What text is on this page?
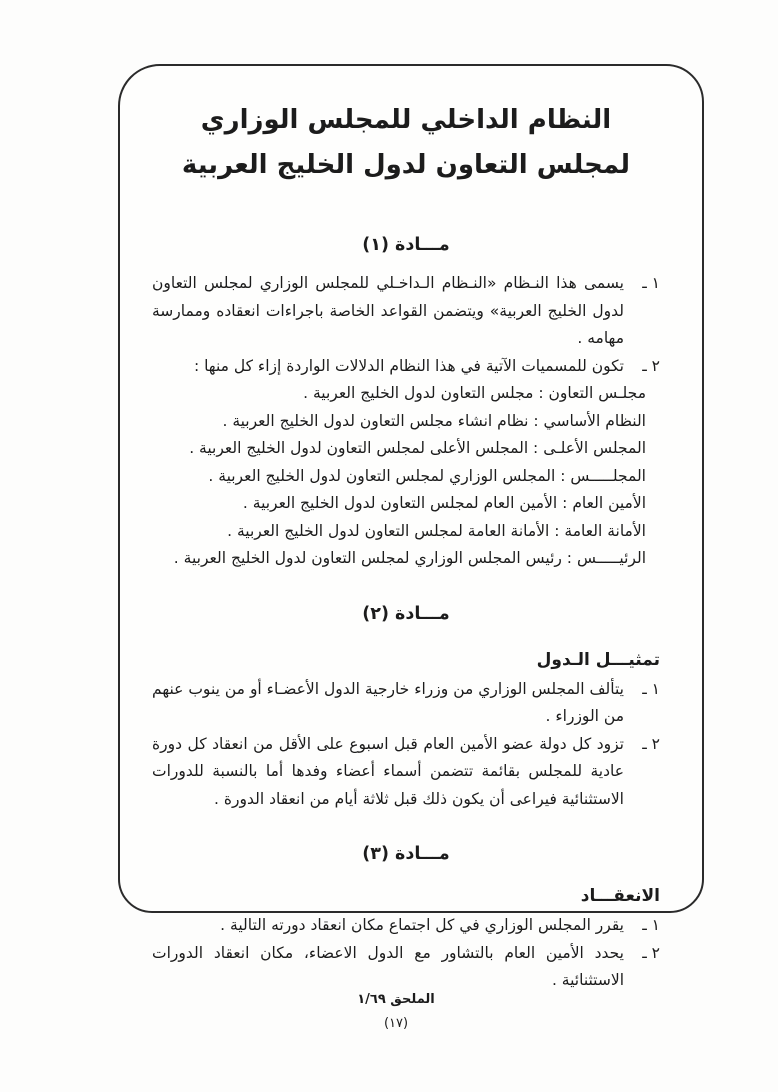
النظام الداخلي للمجلس الوزاري
لمجلس التعاون لدول الخليج العربية
مـــادة (١)
١ ـ

يسمى هذا النـظام «النـظام الـداخـلي للمجلس الوزاري لمجلس التعاون لدول الخليج العربية» ويتضمن القواعد الخاصة باجراءات انعقاده وممارسة مهامه .

٢ ـ

تكون للمسميات الآتية في هذا النظام الدلالات الواردة إزاء كل منها :

مجلـس التعاون : مجلس التعاون لدول الخليج العربية .

النظام الأساسي : نظام انشاء مجلس التعاون لدول الخليج العربية .

المجلس الأعلـى : المجلس الأعلى لمجلس التعاون لدول الخليج العربية .

المجلـــــس : المجلس الوزاري لمجلس التعاون لدول الخليج العربية .

الأمين العام : الأمين العام لمجلس التعاون لدول الخليج العربية .

الأمانة العامة : الأمانة العامة لمجلس التعاون لدول الخليج العربية .

الرئيـــــس : رئيس المجلس الوزاري لمجلس التعاون لدول الخليج العربية .

مـــادة (٢)
تمثيـــل الـدول
١ ـ

يتألف المجلس الوزاري من وزراء خارجية الدول الأعضـاء أو من ينوب عنهم من الوزراء .

٢ ـ

تزود كل دولة عضو الأمين العام قبل اسبوع على الأقل من انعقاد كل دورة عادية للمجلس بقائمة تتضمن أسماء أعضاء وفدها أما بالنسبة للدورات الاستثنائية فيراعى أن يكون ذلك قبل ثلاثة أيام من انعقاد الدورة .

مـــادة (٣)
الانعقـــاد
١ ـ

يقرر المجلس الوزاري في كل اجتماع مكان انعقاد دورته التالية .

٢ ـ

يحدد الأمين العام بالتشاور مع الدول الاعضاء، مكان انعقاد الدورات الاستثنائية .

الملحق ١/٦٩
(١٧)
